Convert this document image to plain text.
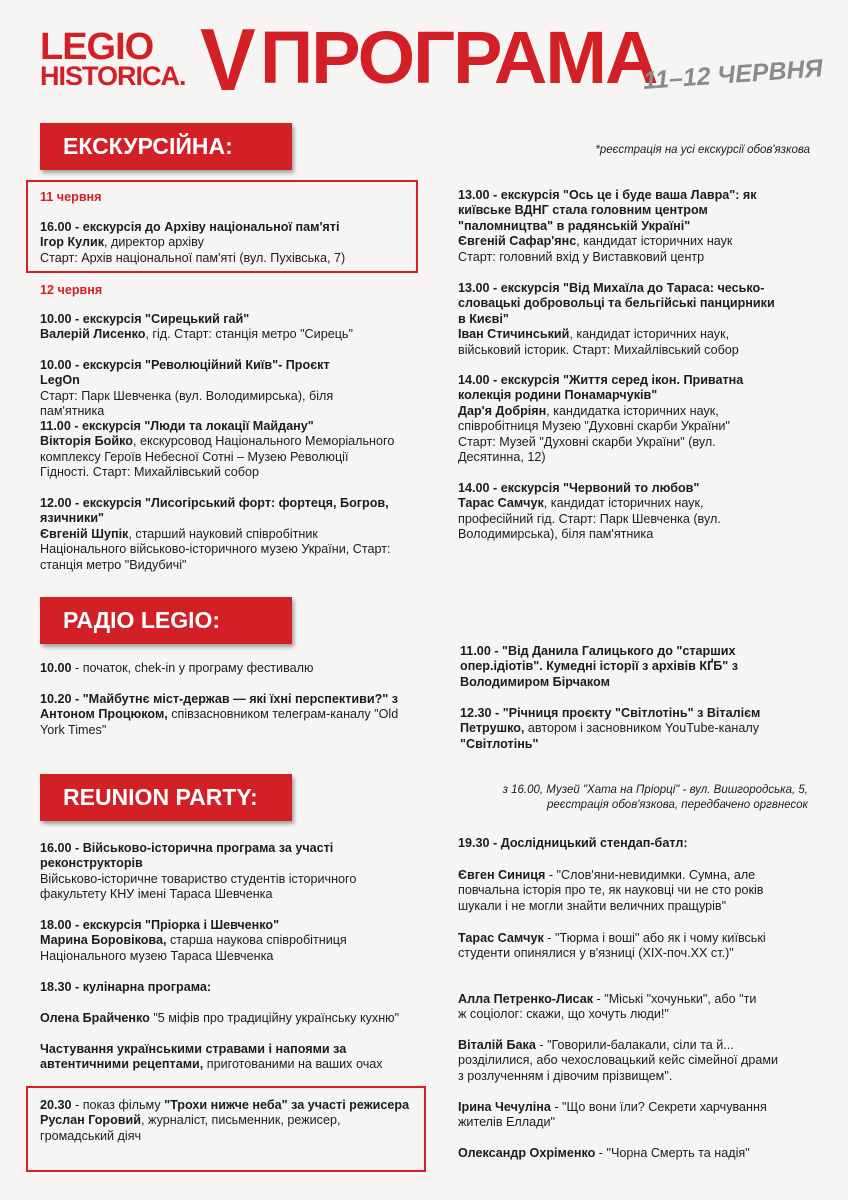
LEGIO
HISTORICA. V ПРОГРАМА
11–12 ЧЕРВНЯ
ЕКСКУРСІЙНА:	*реєстрація на усі екскурсії обов'язкова
11 червня
16.00 - екскурсія до Архіву національної пам'яті
Ігор Кулик, директор архіву
Старт: Архів національної пам'яті (вул. Пухівська, 7)
12 червня
10.00 - екскурсія "Сирецький гай"
Валерій Лисенко, гід. Старт: станція метро "Сирець"
10.00 - екскурсія "Революційний Київ"- Проєкт LegOn
Старт: Парк Шевченка (вул. Володимирська), біля пам'ятника
11.00 - екскурсія "Люди та локації Майдану"
Вікторія Бойко, екскурсовод Національного Меморіального комплексу Героїв Небесної Сотні – Музею Революції Гідності. Старт: Михайлівський собор
12.00 - екскурсія "Лисогірський форт: фортеця, Богров, язичники"
Євгеній Шупік, старший науковий співробітник Національного військово-історичного музею України, Старт: станція метро "Видубичі"
13.00 - екскурсія "Ось це і буде ваша Лавра": як київське ВДНГ стала головним центром "паломництва" в радянській Україні"
Євгеній Сафар'янс, кандидат історичних наук
Старт: головний вхід у Виставковий центр
13.00 - екскурсія "Від Михаїла до Тараса: чесько-словацькі добровольці та бельгійські панцирники в Києві"
Іван Стичинський, кандидат історичних наук, військовий історик. Старт: Михайлівський собор
14.00 - екскурсія "Життя серед ікон. Приватна колекція родини Понамарчуків"
Дар'я Добріян, кандидатка історичних наук, співробітниця Музею "Духовні скарби України"
Старт: Музей "Духовні скарби України" (вул. Десятинна, 12)
14.00 - екскурсія "Червоний то любов"
Тарас Самчук, кандидат історичних наук, професійний гід. Старт: Парк Шевченка (вул. Володимирська), біля пам'ятника
РАДІО LEGIO:
10.00 - початок, chek-in у програму фестивалю
10.20 - "Майбутнє міст-держав — які їхні перспективи?" з Антоном Процюком, співзасновником телеграм-каналу "Old York Times"
11.00 - "Від Данила Галицького до "старших опер.ідіотів". Кумедні історії з архівів КҐБ" з Володимиром Бірчаком
12.30 - "Річниця проєкту "Світлотінь" з Віталієм Петрушко, автором і засновником YouTube-каналу "Світлотінь"
REUNION PARTY:	з 16.00, Музей "Хата на Пріорці" - вул. Вишгородська, 5,
реєстрація обов'язкова, передбачено оргвнесок
16.00 - Військово-історична програма за участі реконструкторів
Військово-історичне товариство студентів історичного факультету КНУ імені Тараса Шевченка
18.00 - екскурсія "Пріорка і Шевченко"
Марина Боровікова, старша наукова співробітниця Національного музею Тараса Шевченка
18.30 - кулінарна програма:
Олена Брайченко "5 міфів про традиційну українську кухню"
Частування українськими стравами і напоями за автентичними рецептами, приготованими на ваших очах
20.30 - показ фільму "Трохи нижче неба" за участі режисера
Руслан Горовий, журналіст, письменник, режисер, громадський діяч
19.30 - Дослідницький стендап-батл:
Євген Синиця - "Слов'яни-невидимки. Сумна, але повчальна історія про те, як науковці чи не сто років шукали і не могли знайти величних пращурів"
Тарас Самчук - "Тюрма і воші" або як і чому київські студенти опинялися у в'язниці (XIX-поч.XX ст.)"
Алла Петренко-Лисак - "Міські "хочуньки", або "ти ж соціолог: скажи, що хочуть люди!"
Віталій Бака - "Говорили-балакали, сіли та й... розділилися, або чехословацький кейс сімейної драми з розлученням і дівочим прізвищем".
Ірина Чечуліна - "Що вони їли? Секрети харчування жителів Еллади"
Олександр Охріменко - "Чорна Смерть та надія"
